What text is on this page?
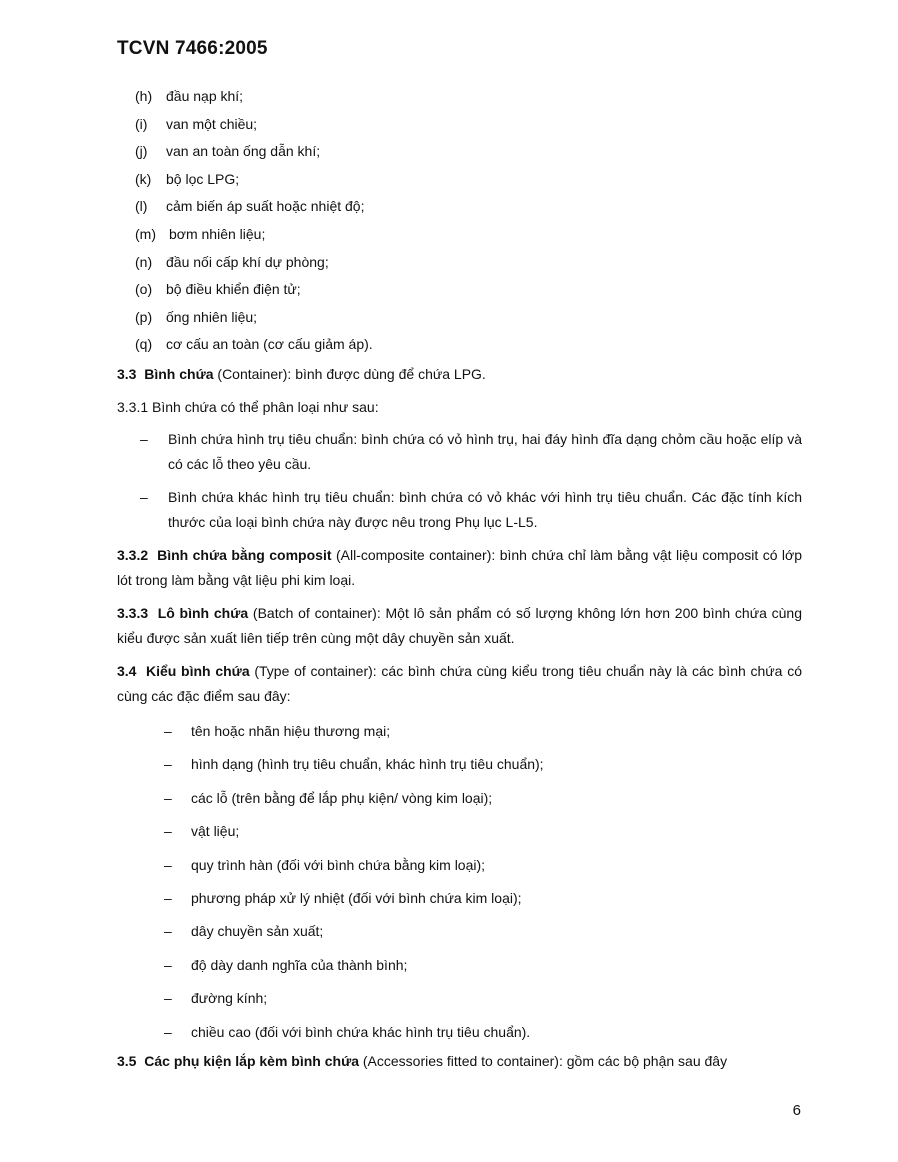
TCVN 7466:2005
(h) đầu nạp khí;
(i) van một chiều;
(j) van an toàn ống dẫn khí;
(k) bộ lọc LPG;
(l) cảm biến áp suất hoặc nhiệt độ;
(m) bơm nhiên liệu;
(n) đầu nối cấp khí dự phòng;
(o) bộ điều khiển điện tử;
(p) ống nhiên liệu;
(q) cơ cấu an toàn (cơ cấu giảm áp).
3.3 Bình chứa (Container): bình được dùng để chứa LPG.
3.3.1 Bình chứa có thể phân loại như sau:
– Bình chứa hình trụ tiêu chuẩn: bình chứa có vỏ hình trụ, hai đáy hình đĩa dạng chỏm cầu hoặc elíp và có các lỗ theo yêu cầu.
– Bình chứa khác hình trụ tiêu chuẩn: bình chứa có vỏ khác với hình trụ tiêu chuẩn. Các đặc tính kích thước của loại bình chứa này được nêu trong Phụ lục L-L5.
3.3.2 Bình chứa bằng composit (All-composite container): bình chứa chỉ làm bằng vật liệu composit có lớp lót trong làm bằng vật liệu phi kim loại.
3.3.3 Lô bình chứa (Batch of container): Một lô sản phẩm có số lượng không lớn hơn 200 bình chứa cùng kiểu được sản xuất liên tiếp trên cùng một dây chuyền sản xuất.
3.4 Kiểu bình chứa (Type of container): các bình chứa cùng kiểu trong tiêu chuẩn này là các bình chứa có cùng các đặc điểm sau đây:
– tên hoặc nhãn hiệu thương mại;
– hình dạng (hình trụ tiêu chuẩn, khác hình trụ tiêu chuẩn);
– các lỗ (trên bằng để lắp phụ kiện/ vòng kim loại);
– vật liệu;
– quy trình hàn (đối với bình chứa bằng kim loại);
– phương pháp xử lý nhiệt (đối với bình chứa kim loại);
– dây chuyền sản xuất;
– độ dày danh nghĩa của thành bình;
– đường kính;
– chiều cao (đối với bình chứa khác hình trụ tiêu chuẩn).
3.5 Các phụ kiện lắp kèm bình chứa (Accessories fitted to container): gồm các bộ phận sau đây
6
